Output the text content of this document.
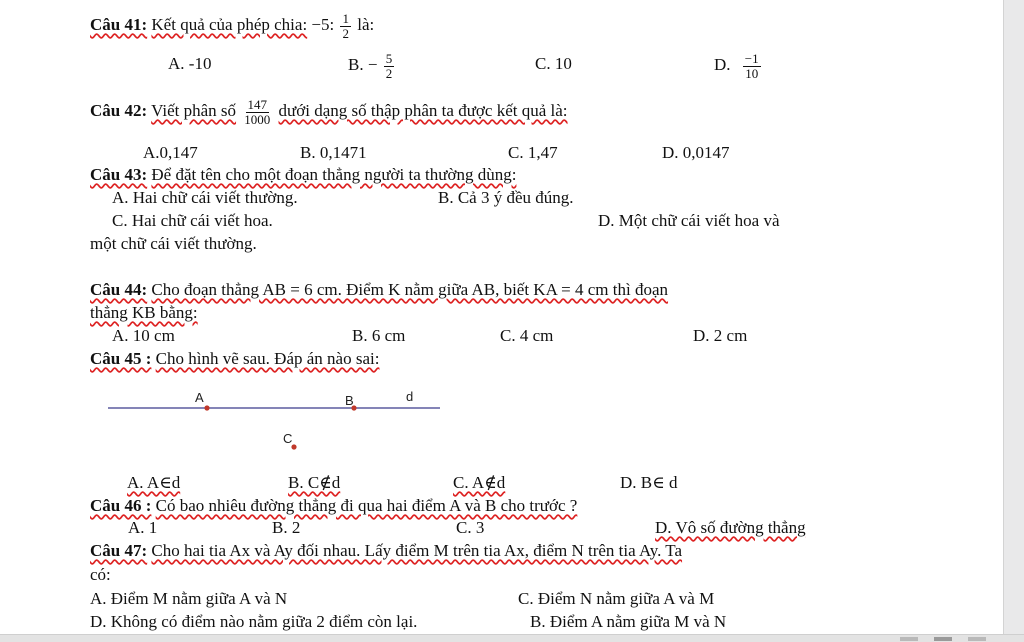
Câu 41: Kết quả của phép chia: −5: $\frac{1}{2}$ là:
A. -10	B. − $\frac{5}{2}$	C. 10	D. $\frac{-1}{10}$
Câu 42: Viết phân số $\frac{147}{1000}$ dưới dạng số thập phân ta được kết quả là:
A.0,147	B. 0,1471	C. 1,47	D. 0,0147
Câu 43: Để đặt tên cho một đoạn thẳng người ta thường dùng:
A. Hai chữ cái viết thường.	B. Cả 3 ý đều đúng.
C. Hai chữ cái viết hoa.	D. Một chữ cái viết hoa và
một chữ cái viết thường.
Câu 44: Cho đoạn thẳng AB = 6 cm. Điểm K nằm giữa AB, biết KA = 4 cm thì đoạn
thẳng KB bằng:
A. 10 cm	B. 6 cm	C. 4 cm	D. 2 cm
Câu 45 : Cho hình vẽ sau. Đáp án nào sai:
A	B	d
C
A. A∈d	B. C∉d	C. A∉d	D. B∈ d
Câu 46 : Có bao nhiêu đường thẳng đi qua hai điểm A và B cho trước ?
A. 1	B. 2	C. 3	D. Vô số đường thẳng
Câu 47: Cho hai tia Ax và Ay đối nhau. Lấy điểm M trên tia Ax, điểm N trên tia Ay. Ta
có:
A. Điểm M nằm giữa A và N	C. Điểm N nằm giữa A và M
D. Không có điểm nào nằm giữa 2 điểm còn lại.	B. Điểm A nằm giữa M và N
